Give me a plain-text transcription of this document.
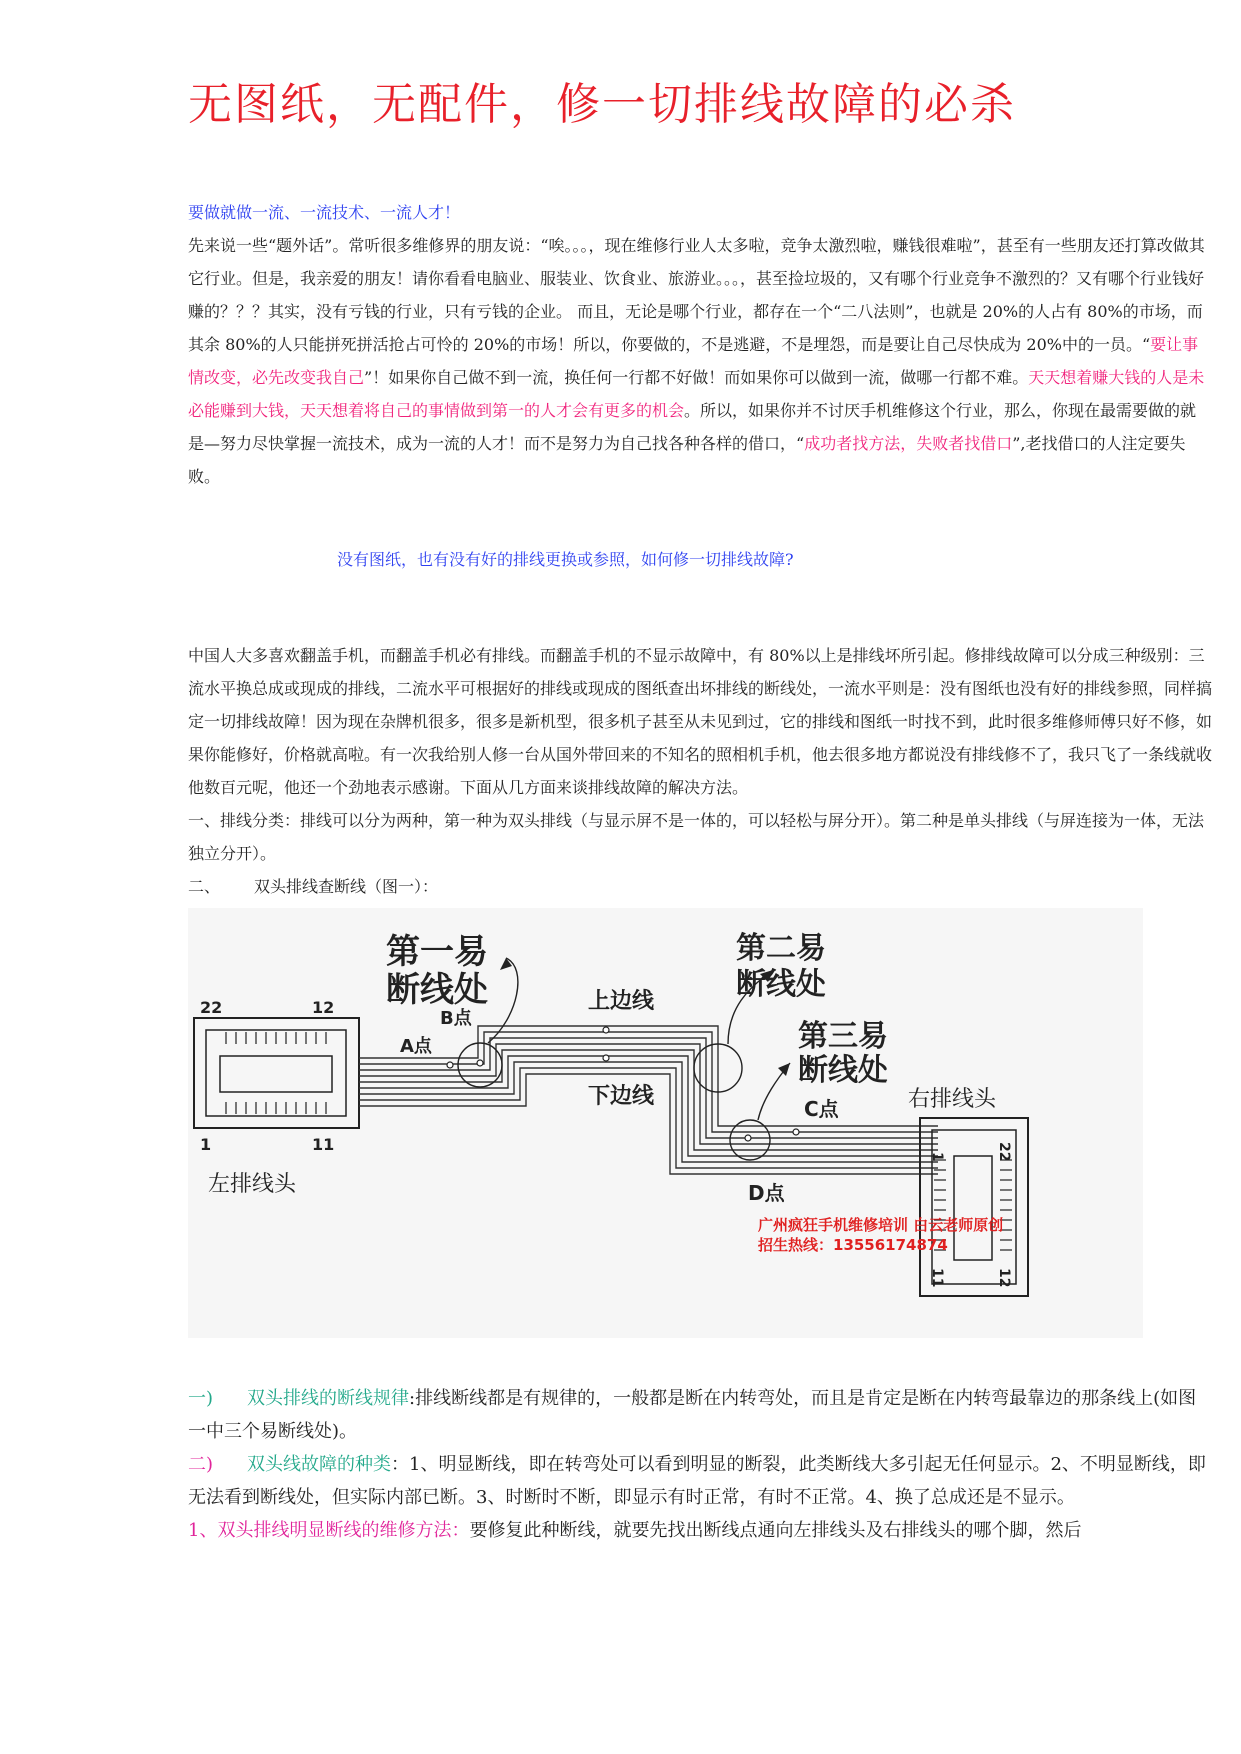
无图纸，无配件，修一切排线故障的必杀

要做就做一流、一流技术、一流人才！

先来说一些“题外话”。常听很多维修界的朋友说：“唉。。。，现在维修行业人太多啦，竞争太激烈啦，赚钱很难啦”，甚至有一些朋友还打算改做其它行业。但是，我亲爱的朋友！请你看看电脑业、服装业、饮食业、旅游业。。。，甚至捡垃圾的，又有哪个行业竞争不激烈的？又有哪个行业钱好赚的？？？其实，没有亏钱的行业，只有亏钱的企业。 而且，无论是哪个行业，都存在一个“二八法则”，也就是 20%的人占有 80%的市场，而其余 80%的人只能拼死拼活抢占可怜的 20%的市场！所以，你要做的，不是逃避，不是埋怨，而是要让自己尽快成为 20%中的一员。“要让事情改变，必先改变我自己”！如果你自己做不到一流，换任何一行都不好做！而如果你可以做到一流，做哪一行都不难。天天想着赚大钱的人是未必能赚到大钱，天天想着将自己的事情做到第一的人才会有更多的机会。所以，如果你并不讨厌手机维修这个行业，那么，你现在最需要做的就是—努力尽快掌握一流技术，成为一流的人才！而不是努力为自己找各种各样的借口，“成功者找方法，失败者找借口”,老找借口的人注定要失败。

没有图纸，也有没有好的排线更换或参照，如何修一切排线故障?

中国人大多喜欢翻盖手机，而翻盖手机必有排线。而翻盖手机的不显示故障中，有 80%以上是排线坏所引起。修排线故障可以分成三种级别：三流水平换总成或现成的排线，二流水平可根据好的排线或现成的图纸查出坏排线的断线处，一流水平则是：没有图纸也没有好的排线参照，同样搞定一切排线故障！因为现在杂牌机很多，很多是新机型，很多机子甚至从未见到过，它的排线和图纸一时找不到，此时很多维修师傅只好不修，如果你能修好，价格就高啦。有一次我给别人修一台从国外带回来的不知名的照相机手机，他去很多地方都说没有排线修不了，我只飞了一条线就收他数百元呢，他还一个劲地表示感谢。下面从几方面来谈排线故障的解决方法。

一、排线分类：排线可以分为两种，第一种为双头排线（与显示屏不是一体的，可以轻松与屏分开）。第二种是单头排线（与屏连接为一体，无法独立分开）。

二、 双头排线查断线（图一）：

22	12
1	11
左排线头
右排线头
1	22
11	12
第一易
断线处
第二易
断线处
第三易
断线处
上边线
下边线
A点
B点
C点
D点
广州疯狂手机维修培训 白云老师原创
招生热线：13556174874

一) 双头排线的断线规律:排线断线都是有规律的，一般都是断在内转弯处，而且是肯定是断在内转弯最靠边的那条线上(如图一中三个易断线处)。

二) 双头线故障的种类：1、明显断线，即在转弯处可以看到明显的断裂，此类断线大多引起无任何显示。2、不明显断线，即无法看到断线处，但实际内部已断。3、时断时不断，即显示有时正常，有时不正常。4、换了总成还是不显示。

1、双头排线明显断线的维修方法：要修复此种断线，就要先找出断线点通向左排线头及右排线头的哪个脚，然后
